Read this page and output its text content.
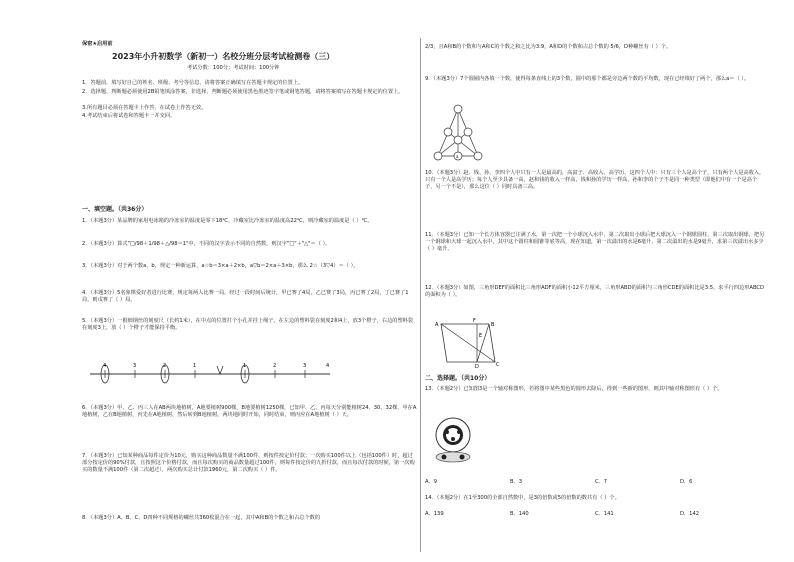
保密★启用前
2023年小升初数学（新初一）名校分班分层考试检测卷（三）
考试分数：100分；考试时间：100分钟
1．答题前，填写好自己的姓名、班级、考号等信息，请将答案正确填写在答题卡规定的位置上。
2．选择题、判断题必须使用2B铅笔填涂答案，非选择、判断题必须使用黑色墨迹签字笔或钢笔答题，请将答案填写在答题卡规定的位置上。
3.所有题目必须在答题卡上作答，在试卷上作答无效。
4.考试结束后将试卷和答题卡一并交回。
一、填空题。（共36分）
1．（本题3分）某品牌的家用电冰箱的冷冻室的温度是零下18℃，冷藏室比冷冻室的温度高22℃，则冷藏室的温度是（ ）℃。
2．（本题3分）算式"□/98＋1/98＋△/98＝1"中，不同的汉字表示不同的自然数，则汉字"□"＋"△"＝（ ）。
3．（本题3分）对于两个数a，b，规定一种新运算，a☆b＝3×a＋2×b，a▽b＝2×a＋3×b，那么 2☆（3▽4）＝（ ）。
4．（本题3分）5名象棋爱好者进行比赛，规定每两人比赛一局，经过一段时间后统计，甲已赛了4局，乙已赛了3局，丙已赛了2局，丁已赛了1局，则戊赛了（ ）局。
5．（本题3分）一根细钢丝的刻度尺（长约1米），在中点的位置打个小孔并挂上绳子，在左边的塑料袋在刻度2和4上，放3个橙子，右边的塑料袋在刻度3上，放（ ）个橙子才能保持平衡。
4	3	2	1	1	2	3	4
6．（本题3分）甲、乙、丙三人在AB两块地植树，A地要植树900棵，B地要植树1250棵，已知甲、乙、丙每天分别能植树24、30、32棵，甲在A地植树，乙在B地植树，丙先在A地植树，然后转到B地植树，两块地同时开始，同时结束，则丙应在A地植树（ ）天。
7．（本题3分）已知某种商品每件定价为10元，购买这种商品数量不满100件，则按件按定价付款；一次购买100件以上（包括100件）时，超过部分按定价的90%付款，且按照这个价格付款，而且每次购买的商品数量超过100件，则每件按定价的九折付款，而且每次付款的时候，第一次购买的数量不满100件（第二次超过），两次购买总计付款1960元，第二次购买（ ）件。
8．（本题3分）A、B、C、D四种不同规格的螺丝共360枚混合在一起，其中A和B的个数之和占总个数的
2/3，且A和B的个数和与A和C的个数之和之比为3:9，A和D的个数和占总个数的 5/6，D种螺丝有（ ）个。
9．（本题3分）7个圆圈内各填一个数，使得每条直线上的3个数，圆中的那个都是旁边两个数的平均数，现在已经填好了两个，那么a＝（ ）。
a
10．（本题3分）赵、钱、孙、李四个人中只有一人是最高的，高富子、高收入、高学历，这四个人中：只有三个人是高个子，只有两个人是高收入，只有一个人是高学历；每个人至少具备一高，赵和钱的收入一样高，钱和孙的学历一样高，孙和李的个子不是同一种类型（即他们中有一个是高个子，另一个不是），那么这位（ ）同时具备三高。
11．（本题3分）已知一个长方体容器已注满了水，第一次把一个小球沉入水中，第二次取出小球后把大球沉入一个钢球圆柱，第三次取出钢球，把另一个钢球和大球一起沉入水中，其中这个圆柱和圆锥等底等高，现在知道，第一次溢出的水是6毫升，第二次溢出的水是9毫升，求第三次溢出水多少（ ）毫升。
12．（本题3分）如图，三角形DEF的面积比三角形ADF的面积小12平方厘米，三角形ABD的面积与三角形CDE的面积比是3:5，求平行四边形ABCD的面积为（ ）。
A	B
C
D
E
F
二、选择题。（共10分）
13．（本题2分）已知图3是一个轴对称图形，若将图中某些黑色的圆形去除后，得到一些新的图形，则其中轴对称图形有（ ）个。
A．9	B．3	C．7	D．6
14．（本题2分）在1至300的全部自然数中，是3的倍数或5的倍数的数共有（ ）个。
A．139	B．140	C．141	D．142
